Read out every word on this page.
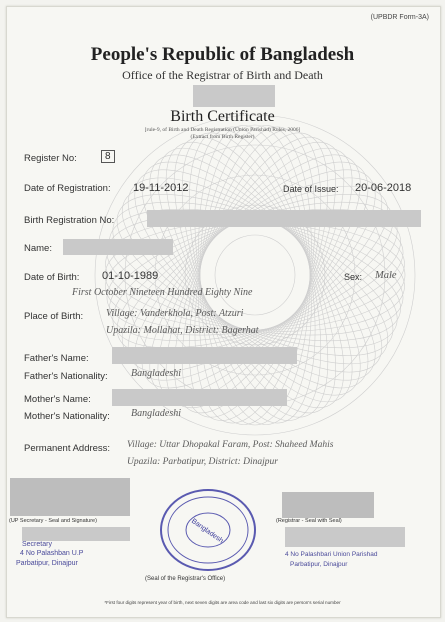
(UPBDR Form-3A)
People's Republic of Bangladesh
Office of the Registrar of Birth and Death
Birth Certificate
[rule-9, of Birth and Death Registration (Union Parishad) Rules, 2006]
(Extract from Birth Register)
Register No:	8
Date of Registration: 19-11-2012	Date of Issue: 20-06-2018
Birth Registration No:
Name:
Date of Birth: 01-10-1989	Sex: Male
First October Nineteen Hundred Eighty Nine
Place of Birth: Village: Vanderkhola, Post: Atzuri
Upazila: Mollahat, District: Bagerhat
Father's Name:
Father's Nationality: Bangladeshi
Mother's Name:
Mother's Nationality: Bangladeshi
Permanent Address: Village: Uttar Dhopakal Faram, Post: Shaheed Mahis
Upazila: Parbatipur, District: Dinajpur
(UP Secretary - Seal and Signature)
Secretary
4 No Palashban U.P
Parbatipur, Dinajpur
Bangladesh
(Seal of the Registrar's Office)
(Registrar - Seal with Seal)
4 No Palashbari Union Parishad
Parbatipur, Dinajpur
*First four digits represent year of birth, next seven digits are area code and last six digits are person's serial number
